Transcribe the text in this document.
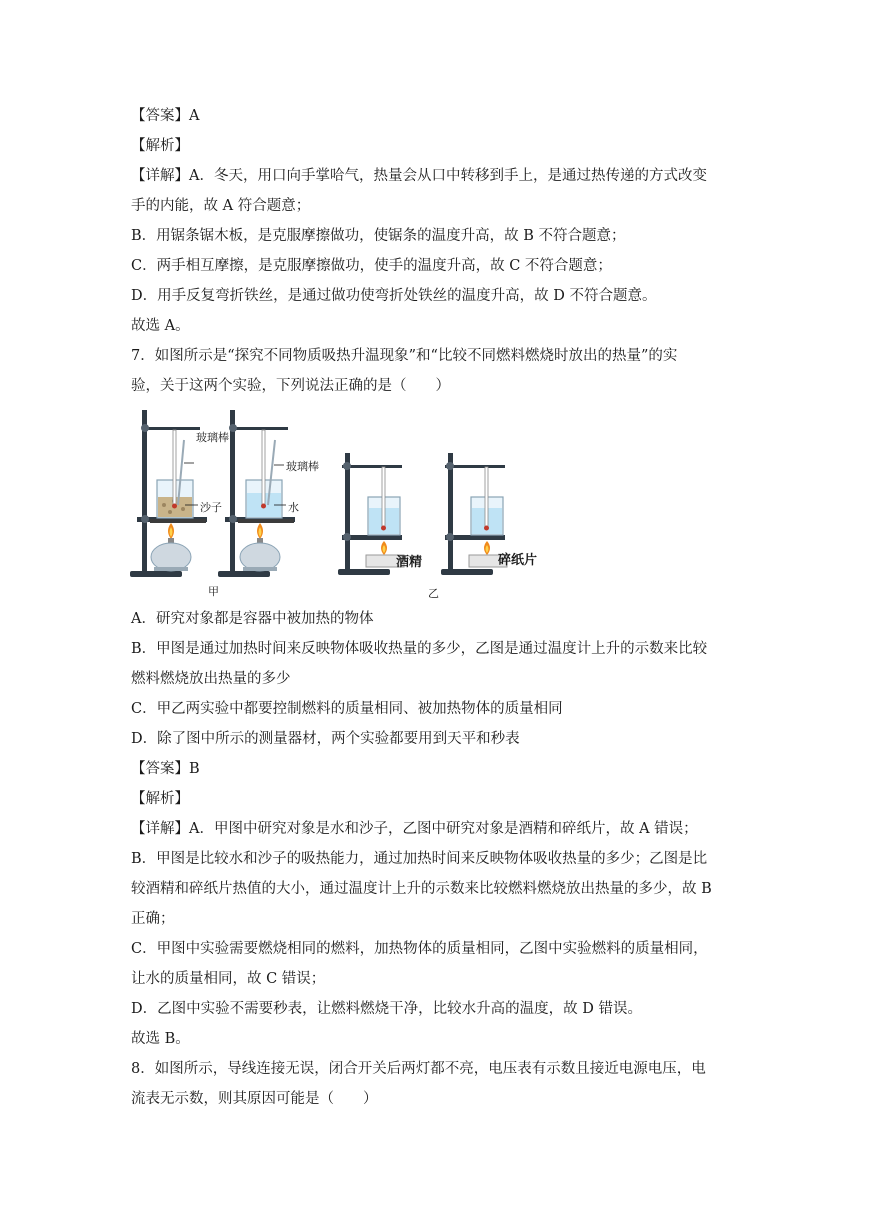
【答案】A
【解析】
【详解】A．冬天，用口向手掌哈气，热量会从口中转移到手上，是通过热传递的方式改变
手的内能，故 A 符合题意；
B．用锯条锯木板，是克服摩擦做功，使锯条的温度升高，故 B 不符合题意；
C．两手相互摩擦，是克服摩擦做功，使手的温度升高，故 C 不符合题意；
D．用手反复弯折铁丝，是通过做功使弯折处铁丝的温度升高，故 D 不符合题意。
故选 A。
7．如图所示是“探究不同物质吸热升温现象”和“比较不同燃料燃烧时放出的热量”的实
验，关于这两个实验，下列说法正确的是（　　）
玻璃棒
沙子
玻璃棒
水
酒精	碎纸片
甲	乙
A．研究对象都是容器中被加热的物体
B．甲图是通过加热时间来反映物体吸收热量的多少，乙图是通过温度计上升的示数来比较
燃料燃烧放出热量的多少
C．甲乙两实验中都要控制燃料的质量相同、被加热物体的质量相同
D．除了图中所示的测量器材，两个实验都要用到天平和秒表
【答案】B
【解析】
【详解】A．甲图中研究对象是水和沙子，乙图中研究对象是酒精和碎纸片，故 A 错误；
B．甲图是比较水和沙子的吸热能力，通过加热时间来反映物体吸收热量的多少；乙图是比
较酒精和碎纸片热值的大小，通过温度计上升的示数来比较燃料燃烧放出热量的多少，故 B
正确；
C．甲图中实验需要燃烧相同的燃料，加热物体的质量相同，乙图中实验燃料的质量相同，
让水的质量相同，故 C 错误；
D．乙图中实验不需要秒表，让燃料燃烧干净，比较水升高的温度，故 D 错误。
故选 B。
8．如图所示，导线连接无误，闭合开关后两灯都不亮，电压表有示数且接近电源电压，电
流表无示数，则其原因可能是（　　）
